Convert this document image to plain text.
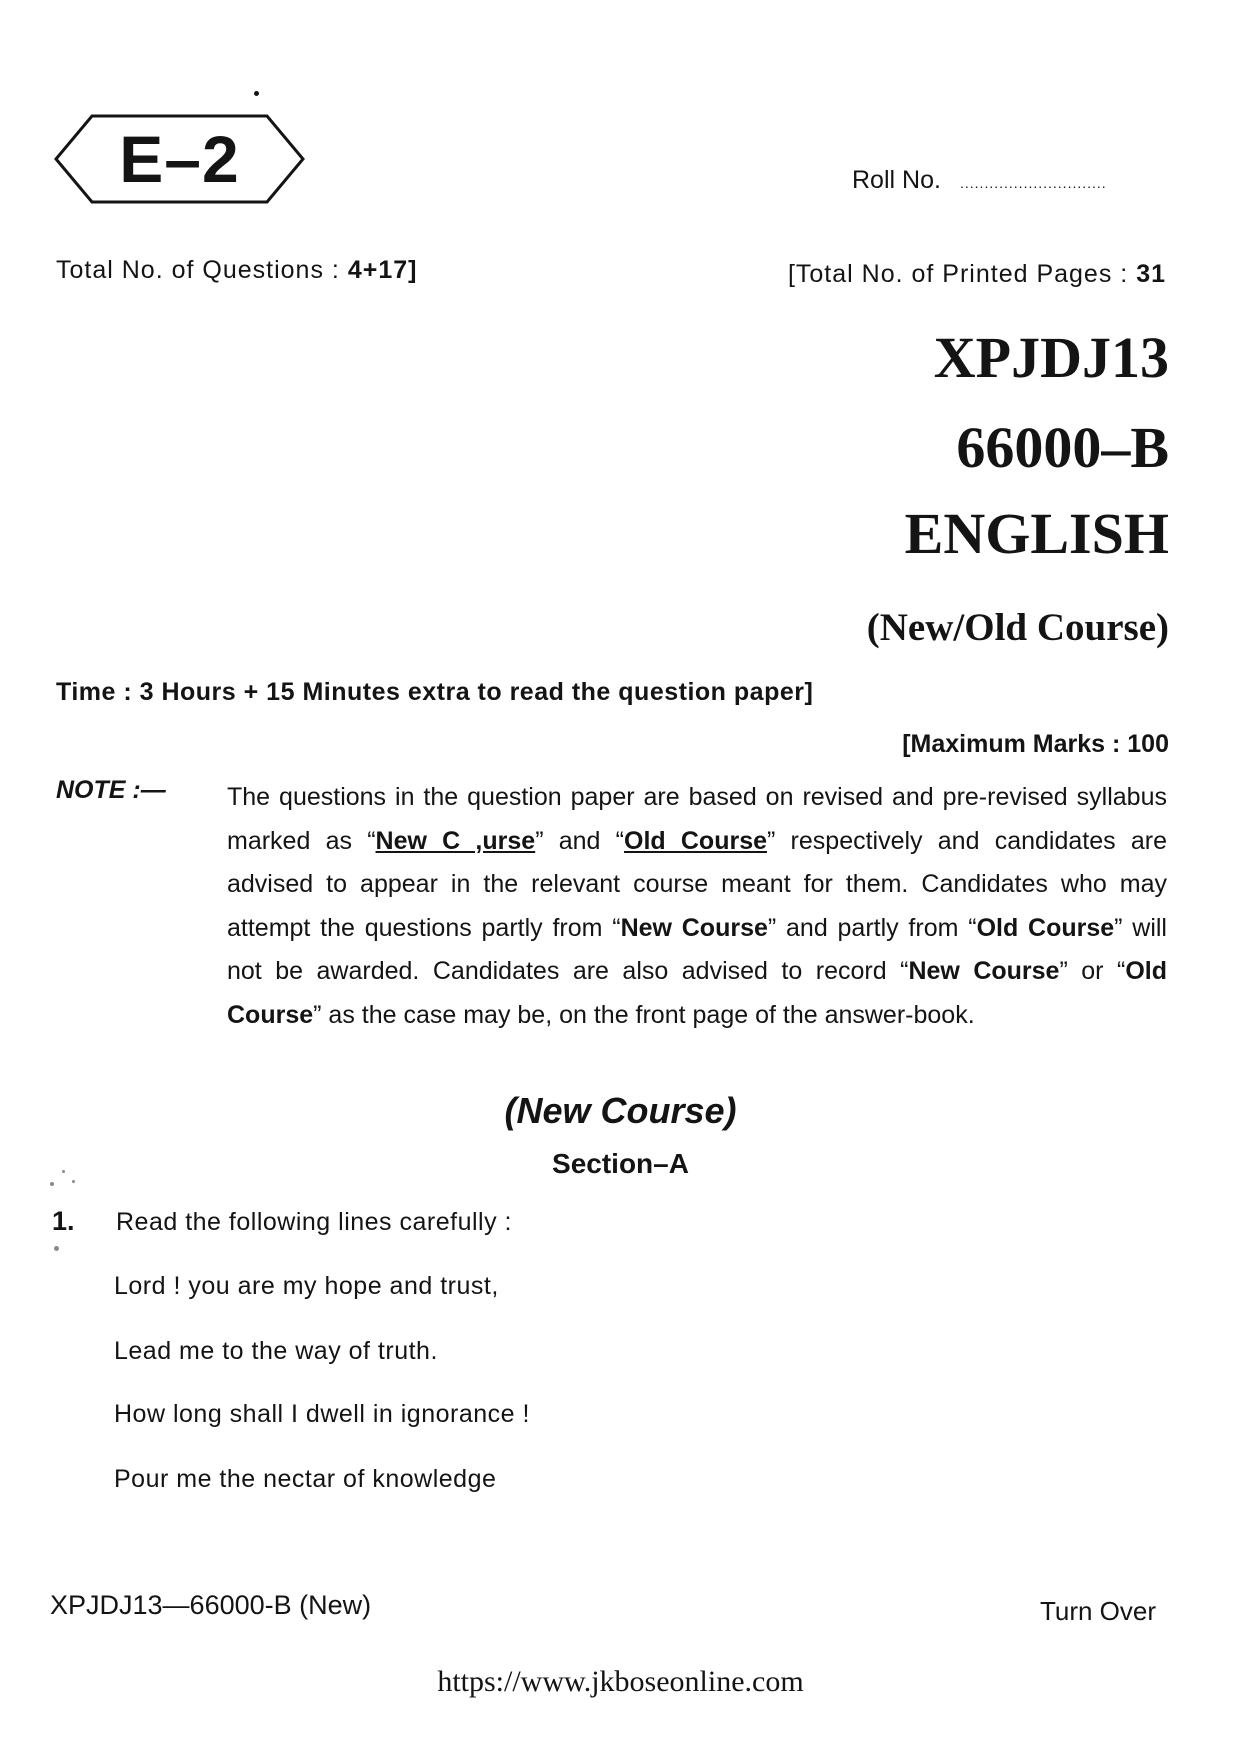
E–2	Roll No. ..............................
Total No. of Questions : 4+17]	[Total No. of Printed Pages : 31
XPJDJ13
66000–B
ENGLISH
(New/Old Course)
Time : 3 Hours + 15 Minutes extra to read the question paper]
[Maximum Marks : 100
NOTE :— The questions in the question paper are based on revised and pre-revised syllabus marked as “New C ,urse” and “Old Course” respectively and candidates are advised to appear in the relevant course meant for them. Candidates who may attempt the questions partly from “New Course” and partly from “Old Course” will not be awarded. Candidates are also advised to record “New Course” or “Old Course” as the case may be, on the front page of the answer-book.
(New Course)
Section–A
1. Read the following lines carefully :
Lord ! you are my hope and trust,
Lead me to the way of truth.
How long shall I dwell in ignorance !
Pour me the nectar of knowledge
XPJDJ13—66000-B (New)	Turn Over
https://www.jkboseonline.com
